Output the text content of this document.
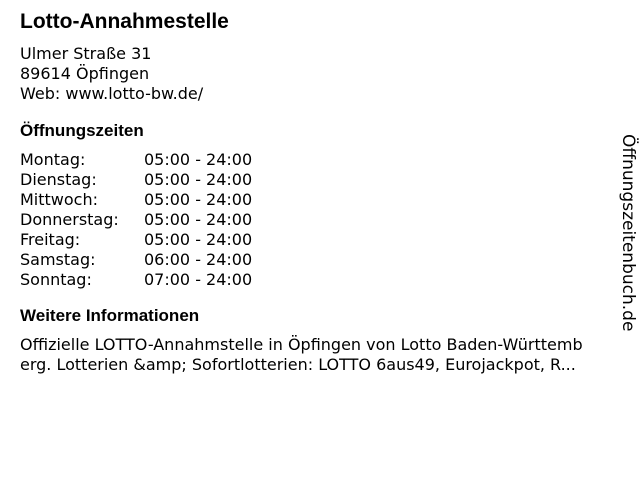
Lotto-Annahmestelle
Ulmer Straße 31
89614 Öpfingen
Web: www.lotto-bw.de/
Öffnungszeiten
Montag:	05:00 - 24:00
Dienstag:	05:00 - 24:00
Mittwoch:	05:00 - 24:00
Donnerstag:	05:00 - 24:00
Freitag:	05:00 - 24:00
Samstag:	06:00 - 24:00
Sonntag:	07:00 - 24:00
Weitere Informationen
Offizielle LOTTO-Annahmstelle in Öpfingen von Lotto Baden-Württemb
erg. Lotterien &amp; Sofortlotterien: LOTTO 6aus49, Eurojackpot, R...
Öffnungszeitenbuch.de
